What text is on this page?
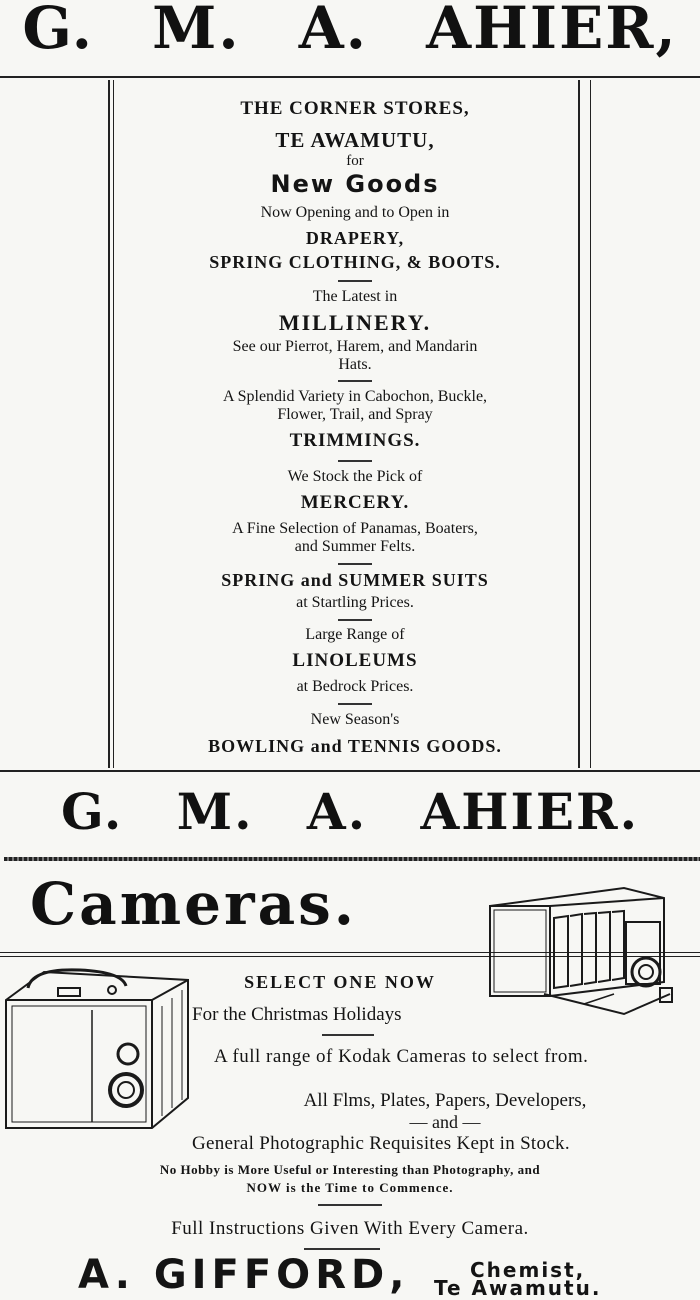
G. M. A. AHIER,
THE CORNER STORES,
TE AWAMUTU,
for
New Goods
Now Opening and to Open in
DRAPERY,
SPRING CLOTHING, & BOOTS.
The Latest in
MILLINERY.
See our Pierrot, Harem, and Mandarin
Hats.
A Splendid Variety in Cabochon, Buckle,
Flower, Trail, and Spray
TRIMMINGS.
We Stock the Pick of
MERCERY.
A Fine Selection of Panamas, Boaters,
and Summer Felts.
SPRING and SUMMER SUITS
at Startling Prices.
Large Range of
LINOLEUMS
at Bedrock Prices.
New Season's
BOWLING and TENNIS GOODS.
G. M. A. AHIER.
Cameras.
SELECT ONE NOW
For the Christmas Holidays
A full range of Kodak Cameras to select from.
All Flms, Plates, Papers, Developers,
— and —
General Photographic Requisites Kept in Stock.
No Hobby is More Useful or Interesting than Photography, and
NOW is the Time to Commence.
Full Instructions Given With Every Camera.
A. GIFFORD,	Chemist,
Te Awamutu.
